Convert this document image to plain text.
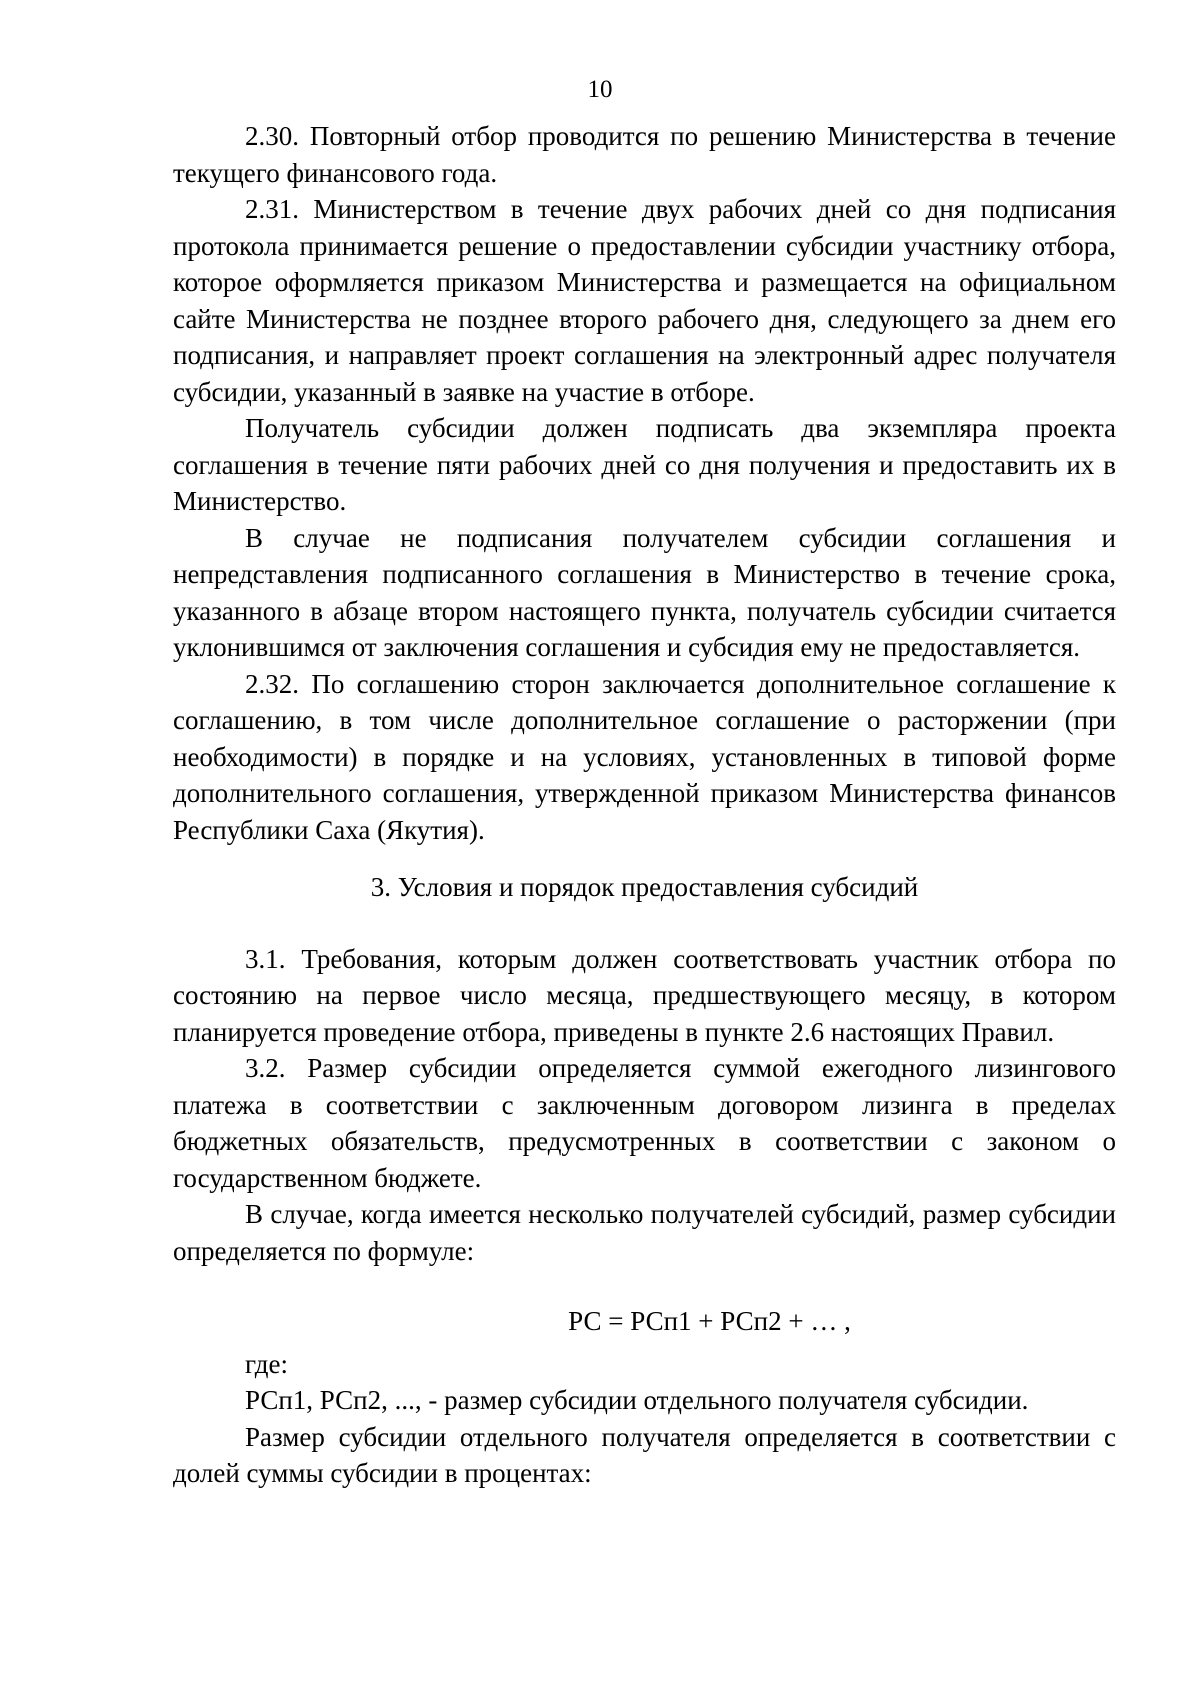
10

2.30. Повторный отбор проводится по решению Министерства в течение текущего финансового года.

2.31. Министерством в течение двух рабочих дней со дня подписания протокола принимается решение о предоставлении субсидии участнику отбора, которое оформляется приказом Министерства и размещается на официальном сайте Министерства не позднее второго рабочего дня, следующего за днем его подписания, и направляет проект соглашения на электронный адрес получателя субсидии, указанный в заявке на участие в отборе.

Получатель субсидии должен подписать два экземпляра проекта соглашения в течение пяти рабочих дней со дня получения и предоставить их в Министерство.

В случае не подписания получателем субсидии соглашения и непредставления подписанного соглашения в Министерство в течение срока, указанного в абзаце втором настоящего пункта, получатель субсидии считается уклонившимся от заключения соглашения и субсидия ему не предоставляется.

2.32. По соглашению сторон заключается дополнительное соглашение к соглашению, в том числе дополнительное соглашение о расторжении (при необходимости) в порядке и на условиях, установленных в типовой форме дополнительного соглашения, утвержденной приказом Министерства финансов Республики Саха (Якутия).

3. Условия и порядок предоставления субсидий

3.1. Требования, которым должен соответствовать участник отбора по состоянию на первое число месяца, предшествующего месяцу, в котором планируется проведение отбора, приведены в пункте 2.6 настоящих Правил.

3.2. Размер субсидии определяется суммой ежегодного лизингового платежа в соответствии с заключенным договором лизинга в пределах бюджетных обязательств, предусмотренных в соответствии с законом о государственном бюджете.

В случае, когда имеется несколько получателей субсидий, размер субсидии определяется по формуле:

РС = РСп1 + РСп2 + … ,

где:

РСп1, РСп2, ..., - размер субсидии отдельного получателя субсидии.

Размер субсидии отдельного получателя определяется в соответствии с долей суммы субсидии в процентах:
